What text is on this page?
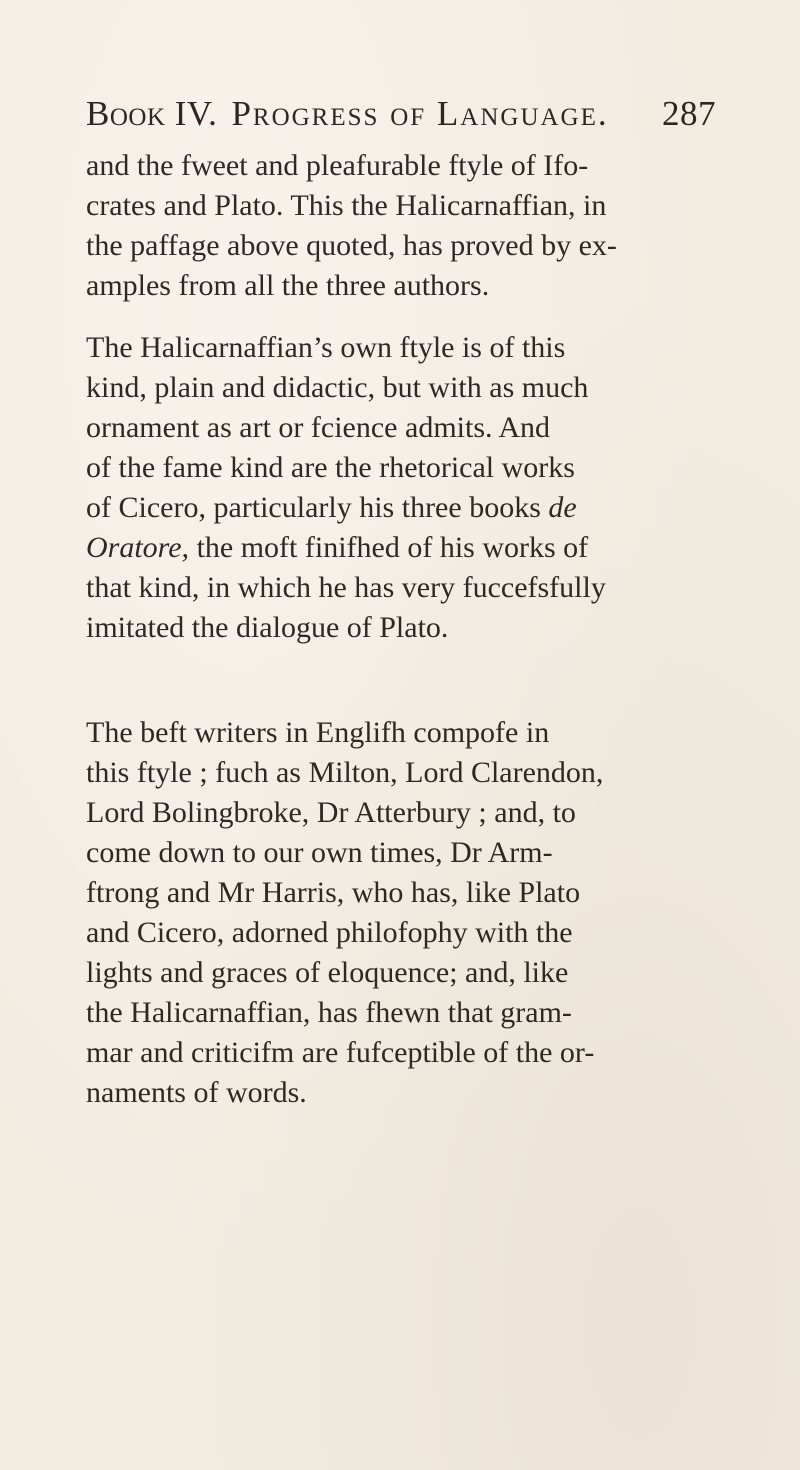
Book IV. Progress of Language. 287
and the fweet and pleafurable ftyle of Ifo-
crates and Plato. This the Halicarnaffian, in
the paffage above quoted, has proved by ex-
amples from all the three authors.
The Halicarnaffian’s own ftyle is of this
kind, plain and didactic, but with as much
ornament as art or fcience admits. And
of the fame kind are the rhetorical works
of Cicero, particularly his three books de
Oratore, the moft finifhed of his works of
that kind, in which he has very fuccefsfully
imitated the dialogue of Plato.
The beft writers in Englifh compofe in
this ftyle ; fuch as Milton, Lord Clarendon,
Lord Bolingbroke, Dr Atterbury ; and, to
come down to our own times, Dr Arm-
ftrong and Mr Harris, who has, like Plato
and Cicero, adorned philofophy with the
lights and graces of eloquence; and, like
the Halicarnaffian, has fhewn that gram-
mar and criticifm are fufceptible of the or-
naments of words.
